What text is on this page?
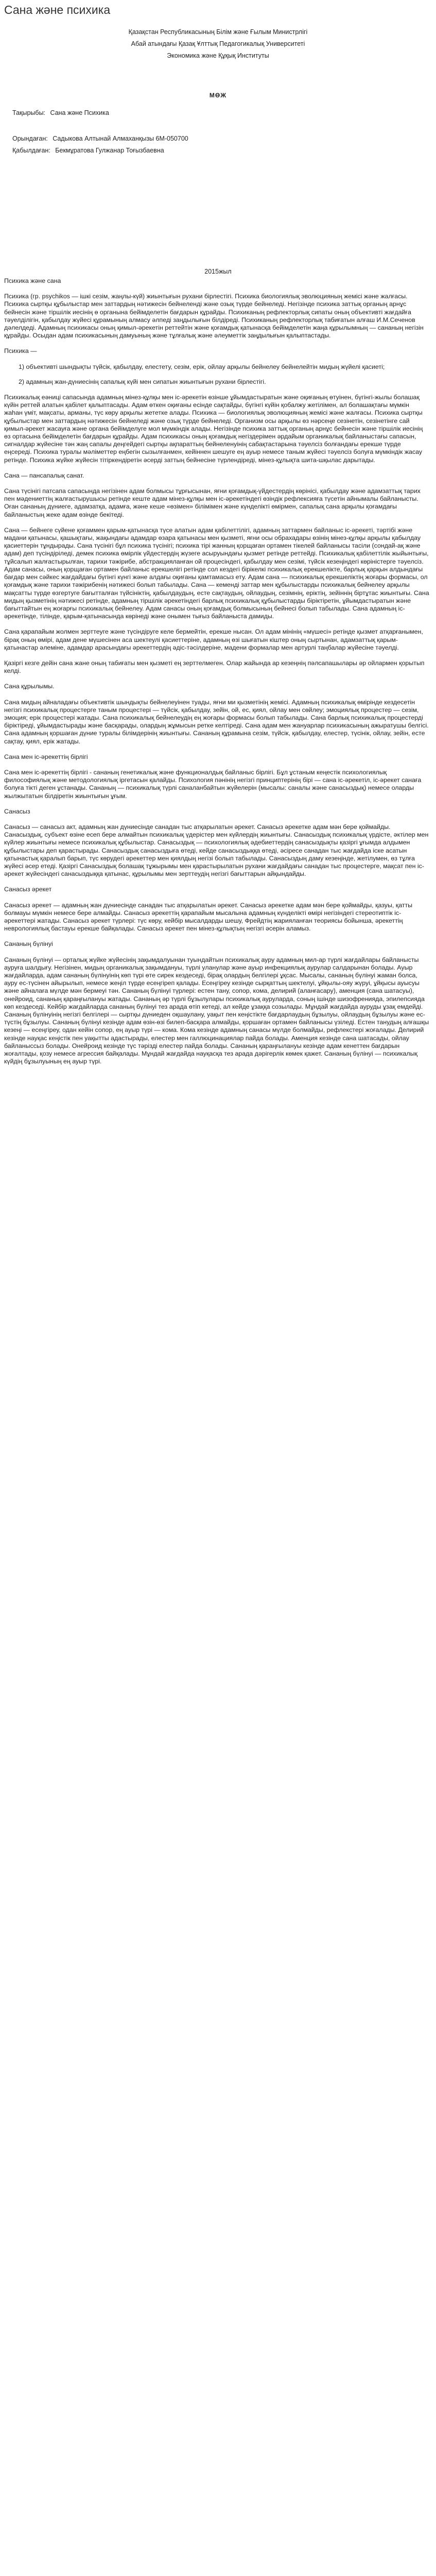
Сана және психика

Қазақстан Республикасының Білім және Ғылым Министрлігі

Абай атындағы Қазақ Ұлттық Педагогикалық Университеті

Экономика және Құқық Институты

МӨЖ
Тақырыбы: Сана және Психика
Орындаған: Садыкова Алтынай Алмаханқызы 6М-050700
Қабылдаған: Бекмұратова Гулжанар Тоғызбаевна
2015жыл

Психика және сана

Психика (гр. psychikos — ішкі сезім, жаңлы-күй) жиынтығын рухани бірлестігі. Психика биологиялық эволюцияның жемісі және жалғасы. Психика сыртқы құбылыстар мен заттардың нәтижесін бейнеленді және озық түрде бейнеледі. Негізінде психика заттық органың арнұс бейнесін және тіршілік иесінің ө органына бейімделетін бағдарын құрайды. Психиканың рефлекторлық сипаты оның объективті жағдайға тәуелділігін, қабылдау жүйесі құрамының алмасу әлпеді заңдылығын білдіреді. Психиканың рефлекторлық табиғатын алғаш И.М.Сеченов дәлелдеді. Адамның психикасы оның қимыл-әрекетін реттейтін және қоғамдық қатынасқа бейімделетін жаңа құрылымның — сананың негізін құрайды. Осыдан адам психикасының дамуының және тұлғалық және әлеуметтік заңдылығын қалыптастады.

Психика —

1) объективті шындықты түйсік, қабылдау, елестету, сезім, ерік, ойлау арқылы бейнелеу бейнелейтін мидың жүйелі қасиеті;
2) адамның жан-дүниесінің сапалық күйі мен сипатын жиынтығын рухани бірлестігі.

Психикалық еәниці сапасында адамның мінез-құлқы мен іс-әрекетін өзінше ұйымдастыратын және оқиғаның өтуінен, бүгінгі-жылы болашақ күйін реттей алатын қабілет қалыптасады. Адам өткен оқиғаны есінде сақтайды, бүгінгі күйін қобалжу жетілімен, ал болашақтағы мүмкін жаһан үміт, мақсаты, арманы, түс көру арқылы жететке алады. Психика — биологиялық эволюцияның жемісі және жалғасы. Психика сыртқы құбылыстар мен заттардың нәтижесін бейнеледі және озық түрде бейнеледі. Организм осы арқылы өз нәрсеңе сезінетін, сезінетінге сай қимыл-әрекет жасауға және органа бейімделуге мол мүмкіндік алады. Негізінде психика заттық органың арнұс бейнесін және тіршілік иесінің өз ортасына бейімделетін бағдарын құрайды. Адам психикасы оның қоғамдық негіздерімен әрдайым органикалық байланыстағы сапасын, сигналдар жүйесіне тән жаң сапалы деңгейдегі сыртқы ақпараттың бейнеленуінің сабақтастарына тәуелсіз болғандағы ерекше түрде еңсереді. Психика туралы мәліметтер еңбегін сызылғанмен, кейіннен шешуге ең ауыр немесе таным жүйесі тәуелсіз болуға мүмкіндік жасау ретінде. Психика жүйке жүйесін тітіркендіретін әсерді заттың бейнесіне түрлендіреді, мінез-құлықта шита-шқылас дарытады.

Сана — пансапалық санат.

Сана түсінігі патсапа сапасында негізінен адам болмысы тұрғысынан, яғни қоғамдық-үйдестердің көрінісі, қабылдау және адамзаттық тарих пен мәдениеттің жалғастырушысы ретінде кеште адам мінез-құлқы мен іс-әрекетіндегі өзіндік рефлексияға түсетін айнымалы байланысты. Оған сананың дүниеге, адамзатқа, адамға, және кеше «өзімен» білімімен және күнделікті өмірмен, сапалық сана арқылы қоғамдағы байланыстың жеке адам өзінде бекітеді.

Сана — бейнеге сүйене қоғаммен қарым-қатынасқа түсе алатын адам қабілеттілігі, адамның заттармен байланыс іс-әрекеті, тәртібі және мадани қатынасы, қашықтағы, жақындағы адамдар өзара қатынасы мен қызметі, яғни осы обрахадары өзінің мінез-құлқы арқылы қабылдау қасиеттерін тұндырады. Сана түсінігі бұл психика түсінігі; психика тірі жанның қорщаған ортамен тікелей байланысы тасіли (сондай-ақ және адам) деп түсіндіріледі, демек психика өмірлік үйдестердің жүзеге асыруындағы қызмет ретінде реттейді. Психикалық қабілеттілік жыйынтығы, тұйсалып жалғастырылған, тарихи тәжірибе, абстракцияланған ой процесіндегі, қабылдау мен сезімі, түйсік кезеңіндегі көріністерге тәуелсіз. Адам санасы, оның қорщаған ортамен байланыс ерекшелігі ретінде сол кездегі бірікелкі психикалық ерекшелікте, барлық қарқын алдындағы бағдар мен сәйкес жағдайдағы бүгінгі күнгі және алдағы оқиғаны қамтамасыз ету. Адам сана — психикалық ерекшеліктің жоғары формасы, ол қоғамдық және тарихи тәжірибенің нәтижесі болып табылады. Сана — кеменді заттар мен құбылыстарды психикалық бейнелеу арқылы мақсатты түрде өзгертуге бағытталған түйсініктің, қабылдаудың, есте сақтаудың, ойлаудың, сезімнің, еріктің, зейіннің біртұтас жиынтығы. Сана мидың қызметінің нәтижесі ретінде, адамның тіршілік әрекетіндегі барлық психикалық құбылыстарды біріктіретін, ұйымдастыратын және бағыттайтын ең жоғарғы психикалық бейнелеу. Адам санасы оның қоғамдық болмысының бейнесі болып табылады. Сана адамның іс-әрекетінде, тілінде, қарым-қатынасында көрінеді және онымен тығыз байланыста дамиды.

Сана қарапайым жолмен зерттеуге және түсіндіруге келе бермейтін, ерекше нысан. Ол адам мінінің «мүшесі» ретінде қызмет атқарғанымен, бірақ оның өмірі, адам дене мүшесінен аса шектеулі қасиеттеріне, адамның өзі шығатын кіштер оның сыртынан, адамзаттық қарым-қатынастар әлеміне, адамдар арасындағы әрекеттердің әдіс-тәсілдеріне, мадени формалар мен артурлі таңбалар жүйесіне тәуелді.

Қазіргі кезге дейін сана жане оның табиғаты мен қызметі ең зерттелмеген. Олар жайында ар кезеңнің пәлсапашылары әр ойлармен қорытып келді.

Сана құрылымы.

Сана мидың айналадағы объективтік шындықты бейнелеуінен туады, яғни ми қызметінің жемісі. Адамның психикалық өмірінде кездесетін негізгі психикалық процестерге таным процестері — түйсік, қабылдау, зейін, ой, ес, қиял, ойлау мен сөйлеу; эмоциялық процестер — сезім, эмоция; ерік процестері жатады. Сана психикалық бейнелеудің ең жоғары формасы болып табылады. Сана барлық психикалық процестерді біріктіреді, ұйымдастырады және басқарады, олардың жұмысын ретке келтіреді. Сана адам мен жануарлар психикасының ажыратушы белгісі. Сана адамның қоршаған дүние туралы білімдерінің жиынтығы. Сананың құрамына сезім, түйсік, қабылдау, елестер, түсінік, ойлау, зейін, есте сақтау, қиял, ерік жатады.

Сана мен іс-әрекеттің бірлігі

Сана мен іс-әрекеттің бірлігі - сананың генетикалық және функционалдық байланыс бірлігі. Бұл ұстаным кеңестік психологиялық философиялық және методологиялық іргетасын қалайды. Психология пәнінің негізгі принциптерінің бірі — сана іс-әрекетіл, іс-әрекет санаға болуға тікті деген ұстанады. Сананың — психикалық түрлі саналанбайтын жүйелерін (мысалы: саналы және санасыздық) немесе оларды жылжытатын білдіретін жиынтығын ұғым.

Санасыз

Санасыз — санасыз акт, адамның жан дүниесінде санадан тыс атқарылатын әрекет. Санасыз әрекетке адам мән бере қоймайды. Санасыздық, субъект өзіне есеп бере алмайтын психикалық үдерістер мен күйлердің жиынтығы. Санасыздық психикалық үрдісте, әктілер мен күйлер жиынтығы немесе психикалық құбылыстар. Санасыздық — психологиялық әдебиеттердің санасыздықты қазіргі ұғымда алдымен құбылыстары деп қарастырады. Санасыздық санасыздыға өтеді, кейде санасыздыққа өтеді, әсіресе санадан тыс жағдайда іске асатын қатынастық қаралып барып, түс көрудегі әрекеттер мен қиялдың негізі болып табылады. Санасыздың даму кезеңінде, жетілумен, өз тұлға жүйесі әсер етеді. Қазіргі Санасыздық болашақ тұжырымы мен қарастырылатын рухани жағдайдағы санадан тыс процестерге, мақсат пен іс-әрекет жүйесіндегі санасыздыққа қатынас, құрылымы мен зерттеудің негізгі бағыттарын айқындайды.

Санасыз әрекет

Санасыз әрекет — адамның жан дүниесінде санадан тыс атқарылатын әрекет. Санасыз әрекетке адам мән бере қоймайды, қазуы, қатты болмауы мүмкін немесе бере алмайды. Санасыз әрекеттің қарапайым мысалына адамның күнделікті өмірі негізіндегі стереотиптік іс-әрекеттері жатады. Санасыз әрекет түрлері: түс көру, кейбір мысалдарды шешу, Фрейдтің жарияланған теориясы бойынша, әрекеттің неврологиялық бастауы ерекше байқалады. Санасыз әрекет пен мінез-құлықтың негізгі әсерін аламыз.

Сананың бүлінуі

Сананың бүлінуі — орталық жүйке жүйесінің зақымдалуынан туындайтын психикалық ауру адамның мил-ар түрлі жағдайлары байланысты ауруға шалдығу. Негізінен, мидың органикалық зақымдануы, түрлі уланулар және ауыр инфекциялық аурулар салдарынан болады. Ауыр жағдайларда, адам сананың бүлінуінің көп түрі өте сирек кездеседі, бірақ олардың белгілері ұқсас. Мысалы, сананың бүлінуі жаман болса, ауру ес-түсінен айырылып, немесе жеңіл түрде есеңгіреп қалады. Есеңгіреу кезінде сырқаттың шектелуі, ұйқылы-ояу жүруі, ұйқысы ауысуы және айналаға мүлде мән бермеуі тән. Сананың бүлінуі түрлері: естен тану, сопор, кома, делирий (аланғасару), аменция (сана шатасуы), онейроид, сананың қараңғылануы жатады. Сананың әр түрлі бұзылулары психикалық ауруларда, соның ішінде шизофренияда, эпилепсияда көп кездеседі. Кейбір жағдайларда сананың бүлінуі тез арада өтіп кетеді, ал кейде ұзаққа созылады. Мұндай жағдайда ауруды ұзақ емдейді. Сананың бүлінуінің негізгі белгілері — сыртқы дүниеден оқшаулану, уақыт пен кеңістікте бағдарлаудың бұзылуы, ойлаудың бұзылуы және ес-түстің бұзылуы. Сананың бүлінуі кезінде адам өзін-өзі билеп-басқара алмайды, қоршаған ортамен байланысы үзіледі. Естен танудың алғашқы кезеңі — есеңгіреу, одан кейін сопор, ең ауыр түрі — кома. Кома кезінде адамның санасы мүлде болмайды, рефлекстері жоғалады. Делирий кезінде науқас кеңістік пен уақытты адастырады, елестер мен галлюцинациялар пайда болады. Аменция кезінде сана шатасады, ойлау байланыссыз болады. Онейроид кезінде түс тәрізді елестер пайда болады. Сананың қараңғылануы кезінде адам кенеттен бағдарын жоғалтады, қозу немесе агрессия байқалады. Мұндай жағдайда науқасқа тез арада дәрігерлік көмек қажет. Сананың бүлінуі — психикалық күйдің бұзылуының ең ауыр түрі.
